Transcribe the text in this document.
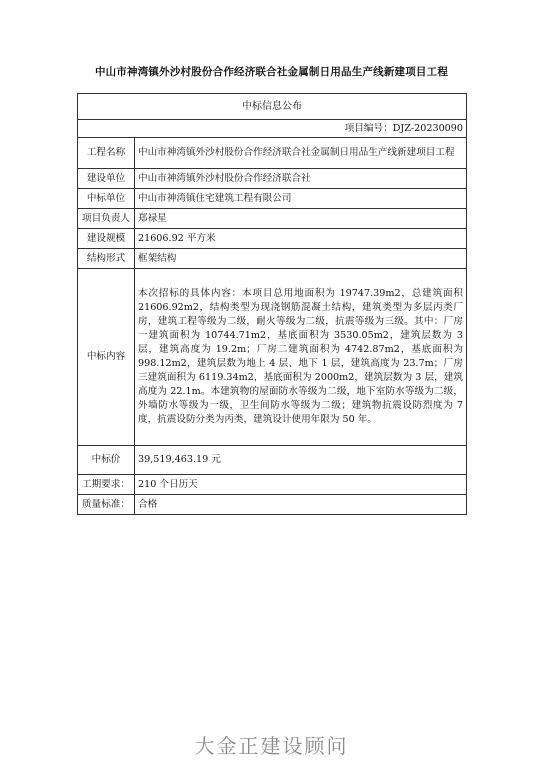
中山市神湾镇外沙村股份合作经济联合社金属制日用品生产线新建项目工程
中标信息公布	
项目编号：DJZ-20230090	
工程名称	中山市神湾镇外沙村股份合作经济联合社金属制日用品生产线新建项目工程
建设单位	中山市神湾镇外沙村股份合作经济联合社
中标单位	中山市神湾镇住宅建筑工程有限公司
项目负责人	郑禄星
建设规模	21606.92 平方米
结构形式	框架结构
中标内容	本次招标的具体内容：本项目总用地面积为 19747.39m2，总建筑面积 21606.92m2，结构类型为现浇钢筋混凝土结构，建筑类型为多层丙类厂房，建筑工程等级为二级，耐火等级为二级，抗震等级为三级。其中：厂房一建筑面积为 10744.71m2，基底面积为 3530.05m2，建筑层数为 3 层，建筑高度为 19.2m；厂房二建筑面积为 4742.87m2，基底面积为 998.12m2，建筑层数为地上 4 层、地下 1 层，建筑高度为 23.7m；厂房三建筑面积为 6119.34m2，基底面积为 2000m2，建筑层数为 3 层，建筑高度为 22.1m。本建筑物的屋面防水等级为二级，地下室防水等级为二级，外墙防水等级为一级，卫生间防水等级为二级；建筑物抗震设防烈度为 7 度，抗震设防分类为丙类，建筑设计使用年限为 50 年。
中标价	39,519,463.19 元
工期要求：	210 个日历天
质量标准：	合格
大金正建设顾问
